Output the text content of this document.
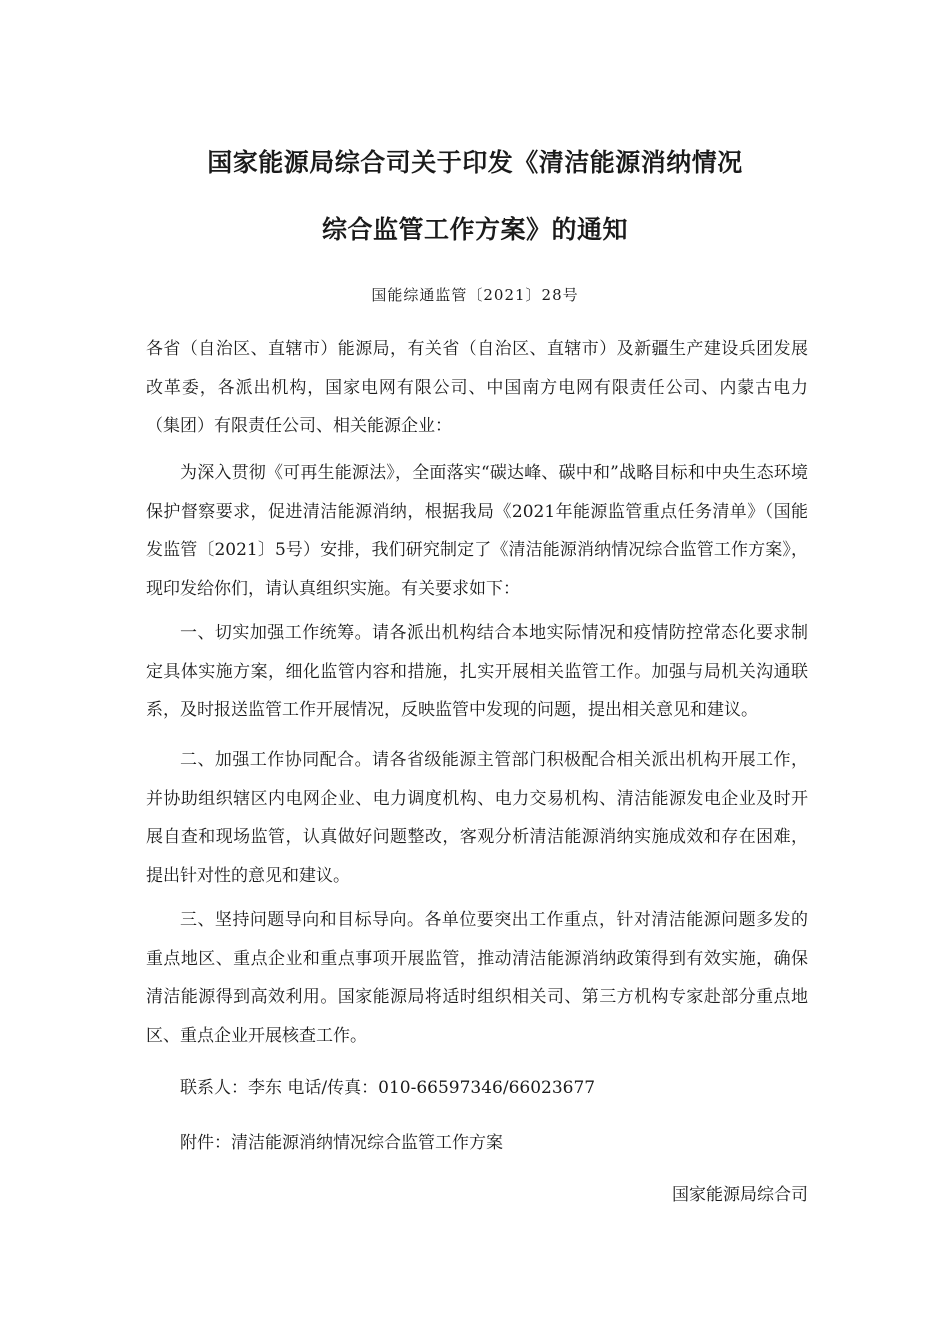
国家能源局综合司关于印发《清洁能源消纳情况
综合监管工作方案》的通知
国能综通监管〔2021〕28号
各省（自治区、直辖市）能源局，有关省（自治区、直辖市）及新疆生产建设兵团发展改革委，各派出机构，国家电网有限公司、中国南方电网有限责任公司、内蒙古电力（集团）有限责任公司、相关能源企业：
为深入贯彻《可再生能源法》，全面落实“碳达峰、碳中和”战略目标和中央生态环境保护督察要求，促进清洁能源消纳，根据我局《2021年能源监管重点任务清单》（国能发监管〔2021〕5号）安排，我们研究制定了《清洁能源消纳情况综合监管工作方案》，现印发给你们，请认真组织实施。有关要求如下：
一、切实加强工作统筹。请各派出机构结合本地实际情况和疫情防控常态化要求制定具体实施方案，细化监管内容和措施，扎实开展相关监管工作。加强与局机关沟通联系，及时报送监管工作开展情况，反映监管中发现的问题，提出相关意见和建议。
二、加强工作协同配合。请各省级能源主管部门积极配合相关派出机构开展工作，并协助组织辖区内电网企业、电力调度机构、电力交易机构、清洁能源发电企业及时开展自查和现场监管，认真做好问题整改，客观分析清洁能源消纳实施成效和存在困难，提出针对性的意见和建议。
三、坚持问题导向和目标导向。各单位要突出工作重点，针对清洁能源问题多发的重点地区、重点企业和重点事项开展监管，推动清洁能源消纳政策得到有效实施，确保清洁能源得到高效利用。国家能源局将适时组织相关司、第三方机构专家赴部分重点地区、重点企业开展核查工作。
联系人：李东 电话/传真：010-66597346/66023677
附件：清洁能源消纳情况综合监管工作方案
国家能源局综合司
